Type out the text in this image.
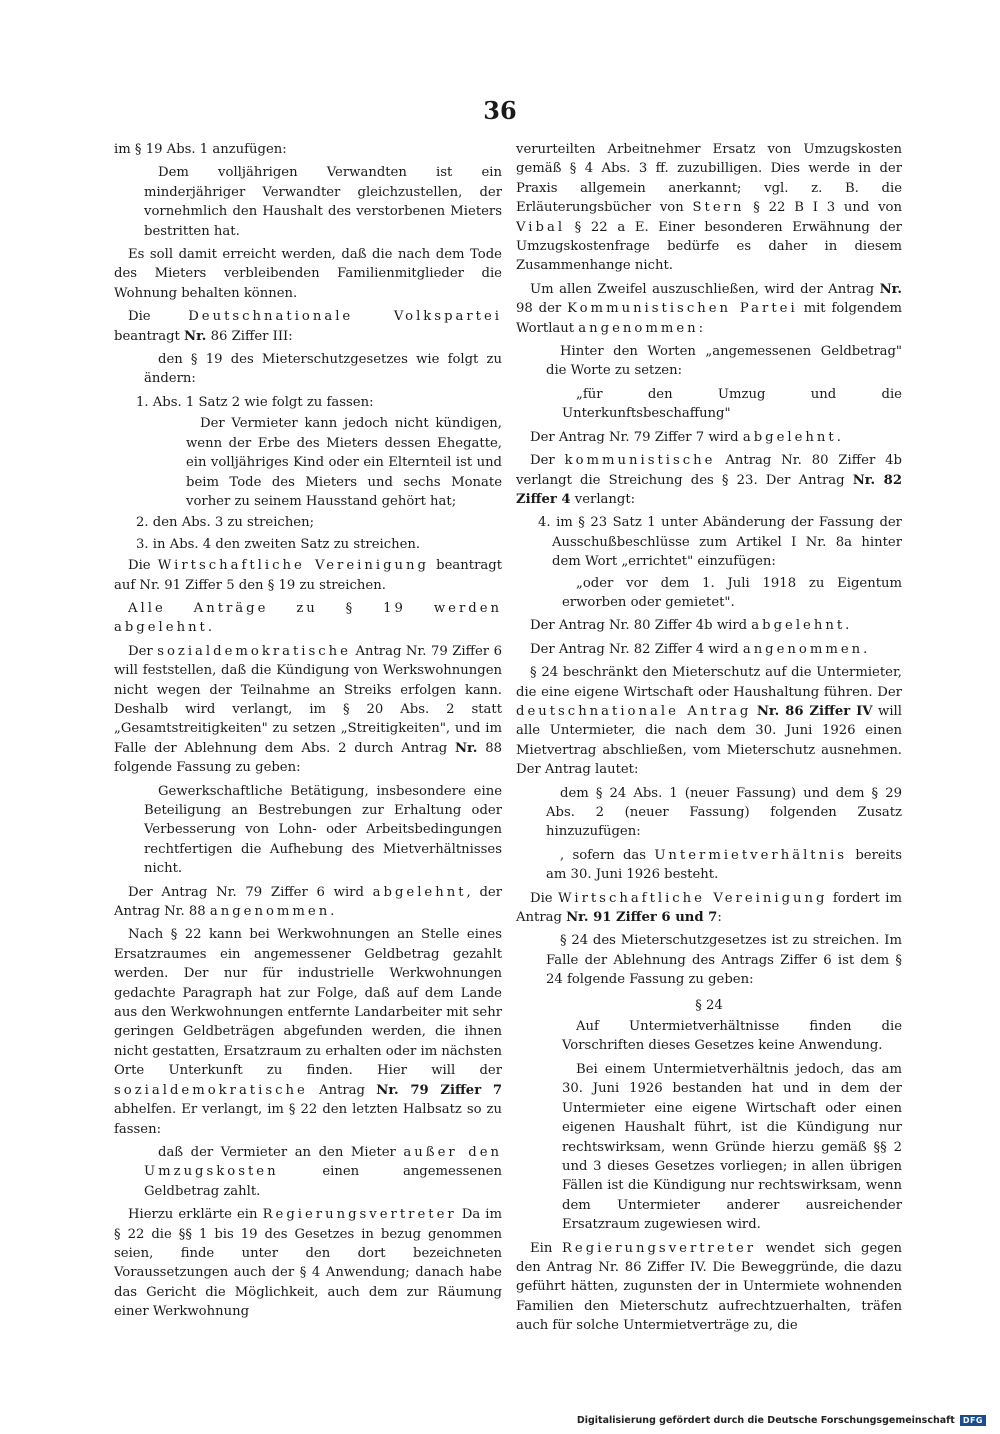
36

im § 19 Abs. 1 anzufügen:

Dem volljährigen Verwandten ist ein minderjähriger Verwandter gleichzustellen, der vornehmlich den Haushalt des verstorbenen Mieters bestritten hat.

Es soll damit erreicht werden, daß die nach dem Tode des Mieters verbleibenden Familienmitglieder die Wohnung behalten können.

Die Deutschnationale Volkspartei beantragt Nr. 86 Ziffer III:

den § 19 des Mieterschutzgesetzes wie folgt zu ändern:

1. Abs. 1 Satz 2 wie folgt zu fassen:

Der Vermieter kann jedoch nicht kündigen, wenn der Erbe des Mieters dessen Ehegatte, ein volljähriges Kind oder ein Elternteil ist und beim Tode des Mieters und sechs Monate vorher zu seinem Hausstand gehört hat;

2. den Abs. 3 zu streichen;

3. in Abs. 4 den zweiten Satz zu streichen.

Die Wirtschaftliche Vereinigung beantragt auf Nr. 91 Ziffer 5 den § 19 zu streichen.

Alle Anträge zu § 19 werden abgelehnt.

Der sozialdemokratische Antrag Nr. 79 Ziffer 6 will feststellen, daß die Kündigung von Werkswohnungen nicht wegen der Teilnahme an Streiks erfolgen kann. Deshalb wird verlangt, im § 20 Abs. 2 statt „Gesamtstreitigkeiten" zu setzen „Streitigkeiten", und im Falle der Ablehnung dem Abs. 2 durch Antrag Nr. 88 folgende Fassung zu geben:

Gewerkschaftliche Betätigung, insbesondere eine Beteiligung an Bestrebungen zur Erhaltung oder Verbesserung von Lohn- oder Arbeitsbedingungen rechtfertigen die Aufhebung des Mietverhältnisses nicht.

Der Antrag Nr. 79 Ziffer 6 wird abgelehnt, der Antrag Nr. 88 angenommen.

Nach § 22 kann bei Werkwohnungen an Stelle eines Ersatzraumes ein angemessener Geldbetrag gezahlt werden. Der nur für industrielle Werkwohnungen gedachte Paragraph hat zur Folge, daß auf dem Lande aus den Werkwohnungen entfernte Landarbeiter mit sehr geringen Geldbeträgen abgefunden werden, die ihnen nicht gestatten, Ersatzraum zu erhalten oder im nächsten Orte Unterkunft zu finden. Hier will der sozialdemokratische Antrag Nr. 79 Ziffer 7 abhelfen. Er verlangt, im § 22 den letzten Halbsatz so zu fassen:

daß der Vermieter an den Mieter außer den Umzugskosten einen angemessenen Geldbetrag zahlt.

Hierzu erklärte ein Regierungsvertreter Da im § 22 die §§ 1 bis 19 des Gesetzes in bezug genommen seien, finde unter den dort bezeichneten Voraussetzungen auch der § 4 Anwendung; danach habe das Gericht die Möglichkeit, auch dem zur Räumung einer Werkwohnung

verurteilten Arbeitnehmer Ersatz von Umzugskosten gemäß § 4 Abs. 3 ff. zuzubilligen. Dies werde in der Praxis allgemein anerkannt; vgl. z. B. die Erläuterungsbücher von Stern § 22 B I 3 und von Vibal § 22 a E. Einer besonderen Erwähnung der Umzugskostenfrage bedürfe es daher in diesem Zusammenhange nicht.

Um allen Zweifel auszuschließen, wird der Antrag Nr. 98 der Kommunistischen Partei mit folgendem Wortlaut angenommen:

Hinter den Worten „angemessenen Geldbetrag" die Worte zu setzen:

„für den Umzug und die Unterkunftsbeschaffung"

Der Antrag Nr. 79 Ziffer 7 wird abgelehnt.

Der kommunistische Antrag Nr. 80 Ziffer 4b verlangt die Streichung des § 23. Der Antrag Nr. 82 Ziffer 4 verlangt:

4. im § 23 Satz 1 unter Abänderung der Fassung der Ausschußbeschlüsse zum Artikel I Nr. 8a hinter dem Wort „errichtet" einzufügen:

„oder vor dem 1. Juli 1918 zu Eigentum erworben oder gemietet".

Der Antrag Nr. 80 Ziffer 4b wird abgelehnt.

Der Antrag Nr. 82 Ziffer 4 wird angenommen.

§ 24 beschränkt den Mieterschutz auf die Untermieter, die eine eigene Wirtschaft oder Haushaltung führen. Der deutschnationale Antrag Nr. 86 Ziffer IV will alle Untermieter, die nach dem 30. Juni 1926 einen Mietvertrag abschließen, vom Mieterschutz ausnehmen. Der Antrag lautet:

dem § 24 Abs. 1 (neuer Fassung) und dem § 29 Abs. 2 (neuer Fassung) folgenden Zusatz hinzuzufügen:

, sofern das Untermietverhältnis bereits am 30. Juni 1926 besteht.

Die Wirtschaftliche Vereinigung fordert im Antrag Nr. 91 Ziffer 6 und 7:

§ 24 des Mieterschutzgesetzes ist zu streichen. Im Falle der Ablehnung des Antrags Ziffer 6 ist dem § 24 folgende Fassung zu geben:

§ 24

Auf Untermietverhältnisse finden die Vorschriften dieses Gesetzes keine Anwendung.

Bei einem Untermietverhältnis jedoch, das am 30. Juni 1926 bestanden hat und in dem der Untermieter eine eigene Wirtschaft oder einen eigenen Haushalt führt, ist die Kündigung nur rechtswirksam, wenn Gründe hierzu gemäß §§ 2 und 3 dieses Gesetzes vorliegen; in allen übrigen Fällen ist die Kündigung nur rechtswirksam, wenn dem Untermieter anderer ausreichender Ersatzraum zugewiesen wird.

Ein Regierungsvertreter wendet sich gegen den Antrag Nr. 86 Ziffer IV. Die Beweggründe, die dazu geführt hätten, zugunsten der in Untermiete wohnenden Familien den Mieterschutz aufrechtzuerhalten, träfen auch für solche Untermietverträge zu, die

Digitalisierung gefördert durch die Deutsche Forschungsgemeinschaft	DFG
